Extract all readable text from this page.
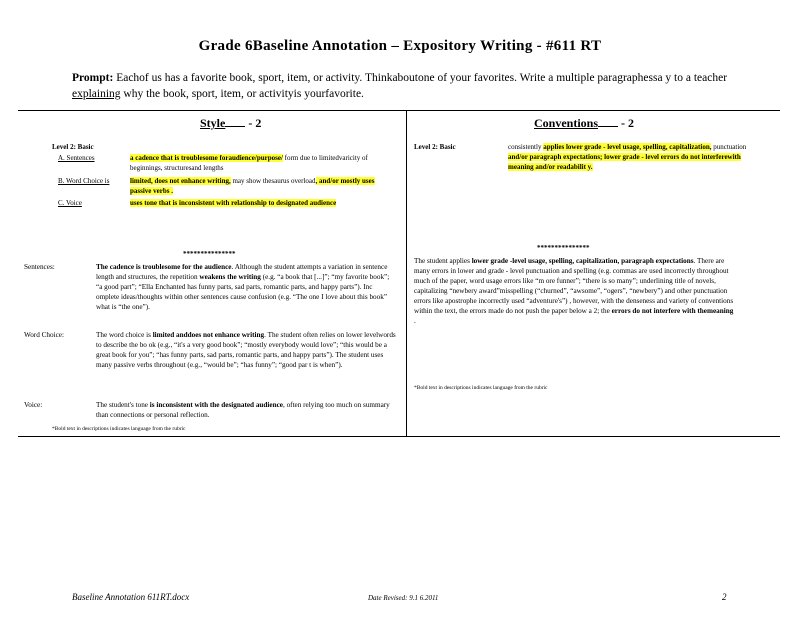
Grade 6Baseline Annotation – Expository Writing - #611 RT
Prompt: Eachof us has a favorite book, sport, item, or activity. Thinkaboutone of your favorites. Write a multiple paragraphessa y to a teacher explaining why the book, sport, item, or activityis yourfavorite.
Style - 2
Level 2: Basic
A. Sentences	a cadence that is troublesome foraudience/purpose/ form due to limitedvaricity of beginnings, structuresand lengths
B. Word Choice is	limited, does not enhance writing, may show thesaurus overload, and/or mostly uses passive verbs .
C. Voice	uses tone that is inconsistent with relationship to designated audience
***************
Sentences:	The cadence is troublesome for the audience. Although the student attempts a variation in sentence length and structures, the repetition weakens the writing (e.g. “a book that [...]”; “my favorite book”; “a good part”; “Ella Enchanted has funny parts, sad parts, romantic parts, and happy parts”). Inc omplete ideas/thoughts within other sentences cause confusion (e.g. “The one I love about this book” what is “the one”).
Word Choice:	The word choice is limited anddoes not enhance writing. The student often relies on lower levelwords to describe the bo ok (e.g., “it's a very good book”; “mostly everybody would love”; “this would be a great book for you”; “has funny parts, sad parts, romantic parts, and happy parts”). The student uses many passive verbs throughout (e.g., “would be”; “has funny”; “good par t is when”).
Voice:	The student's tone is inconsistent with the designated audience, often relying too much on summary than connections or personal reflection.
*Bold text in descriptions indicates language from the rubric
Conventions - 2
Level 2: Basic	consistently applies lower grade - level usage, spelling, capitalization, punctuation and/or paragraph expectations; lower grade - level errors do not interferewith meaning and/or readabilit y.
***************
The student applies lower grade -level usage, spelling, capitalization, paragraph expectations. There are many errors in lower and grade - level punctuation and spelling (e.g. commas are used incorrectly throughout much of the paper, word usage errors like “m ore funner”; “there is so many”; underlining title of novels, capitalizing “newbery award”misspelling (“churned”, “awsome”, “ogers”, “newbery”) and other punctuation errors like apostrophe incorrectly used “adventure's”) , however, with the denseness and variety of conventions within the text, the errors made do not push the paper below a 2; the errors do not interfere with themeaning .
*Bold text in descriptions indicates language from the rubric
Baseline Annotation 611RT.docx	Date Revised: 9.1 6.2011	2
